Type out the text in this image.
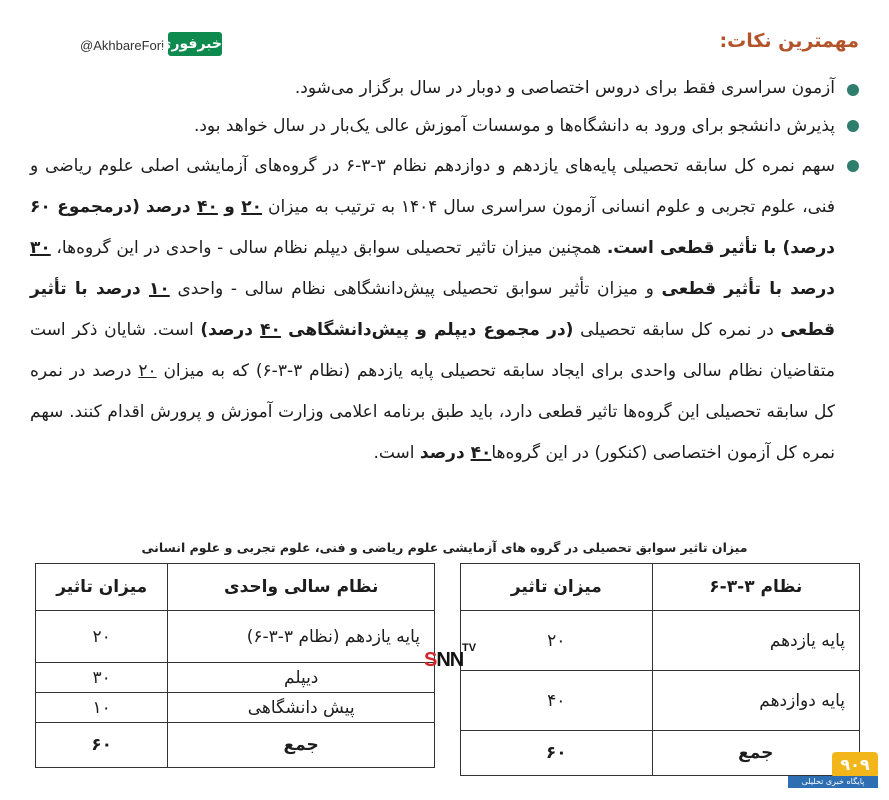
@AkhbareFori
خبرفوری	مهمترین نکات:

آزمون سراسری فقط برای دروس اختصاصی و دوبار در سال برگزار می‌شود.

پذیرش دانشجو برای ورود به دانشگاه‌ها و موسسات آموزش عالی یک‌بار در سال خواهد بود.

سهم نمره کل سابقه تحصیلی پایه‌های یازدهم و دوازدهم نظام ۳-۳-۶ در گروه‌های آزمایشی اصلی علوم ریاضی و فنی، علوم تجربی و علوم انسانی آزمون سراسری سال ۱۴۰۴ به ترتیب به میزان ۲۰ و ۴۰ درصد (درمجموع ۶۰ درصد) با تأثیر قطعی است. همچنین میزان تاثیر تحصیلی سوابق دیپلم نظام سالی - واحدی در این گروه‌ها، ۳۰ درصد با تأثیر قطعی و میزان تأثیر سوابق تحصیلی پیش‌دانشگاهی نظام سالی - واحدی ۱۰ درصد با تأثیر قطعی در نمره کل سابقه تحصیلی (در مجموع دیپلم و پیش‌دانشگاهی ۴۰ درصد) است. شایان ذکر است متقاضیان نظام سالی واحدی برای ایجاد سابقه تحصیلی پایه یازدهم (نظام ۳-۳-۶) که به میزان ۲۰ درصد در نمره کل سابقه تحصیلی این گروه‌ها تاثیر قطعی دارد، باید طبق برنامه اعلامی وزارت آموزش و پرورش اقدام کنند. سهم نمره کل آزمون اختصاصی (کنکور) در این گروه‌ها۴۰ درصد است.

میزان تاثیر سوابق تحصیلی در گروه های آزمایشی علوم ریاضی و فنی، علوم تجربی و علوم انسانی
نظام ۳-۳-۶	میزان تاثیر
پایه یازدهم	۲۰
پایه دوازدهم	۴۰
جمع	۶۰
نظام سالی واحدی	میزان تاثیر
پایه یازدهم (نظام ۳-۳-۶)	۲۰
دیپلم	۳۰
پیش دانشگاهی	۱۰
جمع	۶۰
SNN
TV
۹۰۹
پایگاه خبری تحلیلی
